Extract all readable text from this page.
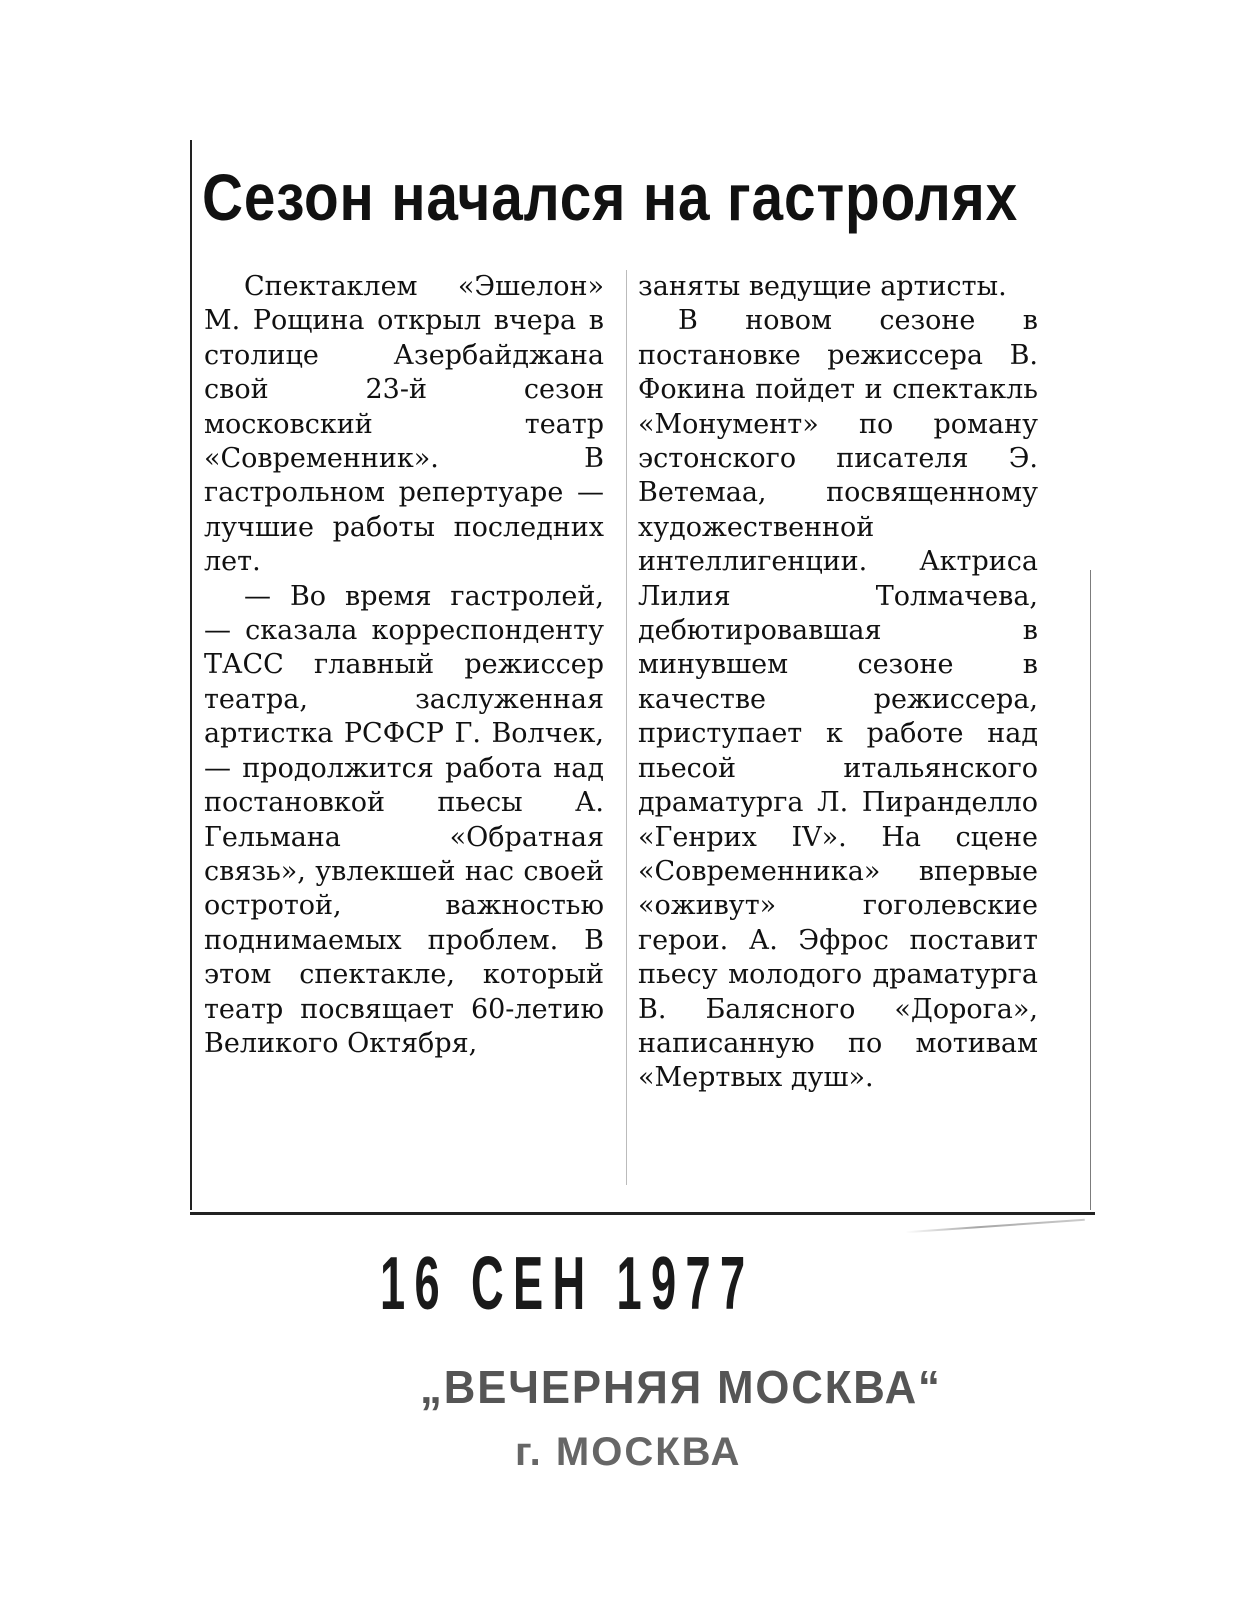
Сезон начался на гастролях

Спектаклем «Эшелон» М. Рощина открыл вчера в столице Азербайджана свой 23-й сезон московский театр «Современник». В гастрольном репертуаре — лучшие работы последних лет.

— Во время гастролей, — сказала корреспонденту ТАСС главный режиссер театра, заслуженная артистка РСФСР Г. Волчек, — продолжится работа над постановкой пьесы А. Гельмана «Обратная связь», увлекшей нас своей остротой, важностью поднимаемых проблем. В этом спектакле, который театр посвящает 60-летию Великого Октября,

заняты ведущие артисты.

В новом сезоне в постановке режиссера В. Фокина пойдет и спектакль «Монумент» по роману эстонского писателя Э. Ветемаа, посвященному художественной интеллигенции. Актриса Лилия Толмачева, дебютировавшая в минувшем сезоне в качестве режиссера, приступает к работе над пьесой итальянского драматурга Л. Пиранделло «Генрих IV». На сцене «Современника» впервые «оживут» гоголевские герои. А. Эфрос поставит пьесу молодого драматурга В. Балясного «Дорога», написанную по мотивам «Мертвых душ».

16 СЕН 1977
„ВЕЧЕРНЯЯ МОСКВА“
г. МОСКВА
